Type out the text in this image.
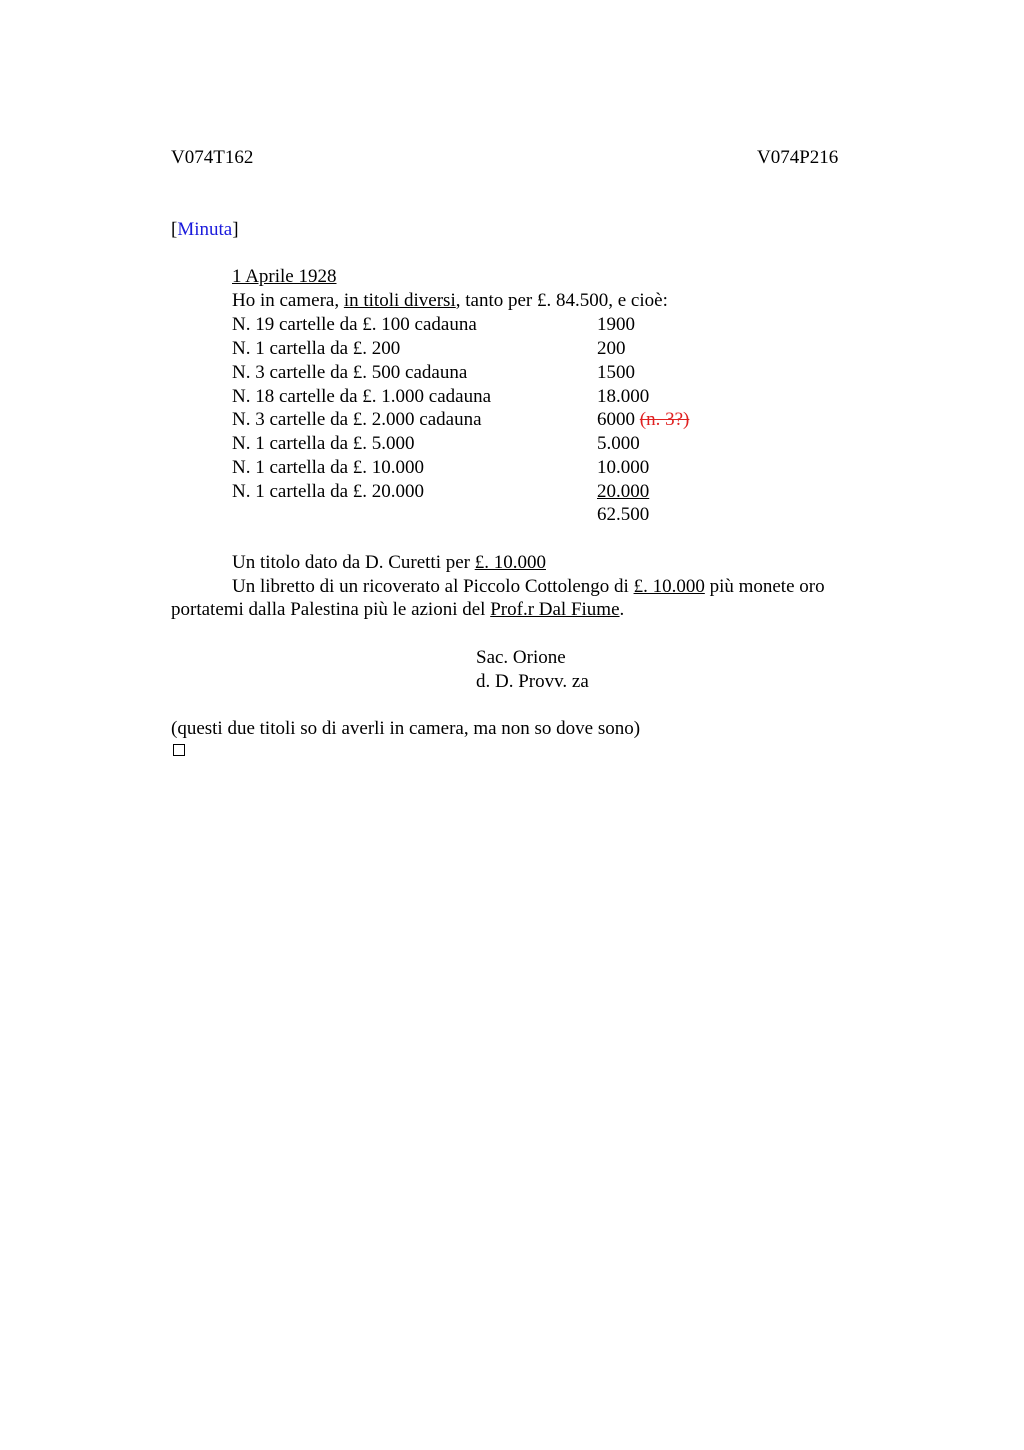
V074T162	V074P216
[Minuta]
1 Aprile 1928
Ho in camera, in titoli diversi, tanto per £. 84.500, e cioè:
N. 19 cartelle da £. 100 cadauna	1900
N. 1 cartella da £. 200	200
N. 3 cartelle da £. 500 cadauna	1500
N. 18 cartelle da £. 1.000 cadauna	18.000
N. 3 cartelle da £. 2.000 cadauna	6000 (n. 3?)
N. 1 cartella da £. 5.000	5.000
N. 1 cartella da £. 10.000	10.000
N. 1 cartella da £. 20.000	20.000
62.500
Un titolo dato da D. Curetti per £. 10.000
Un libretto di un ricoverato al Piccolo Cottolengo di £. 10.000 più monete oro
portatemi dalla Palestina più le azioni del Prof.r Dal Fiume.
Sac. Orione
d. D. Provv. za
(questi due titoli so di averli in camera, ma non so dove sono)
